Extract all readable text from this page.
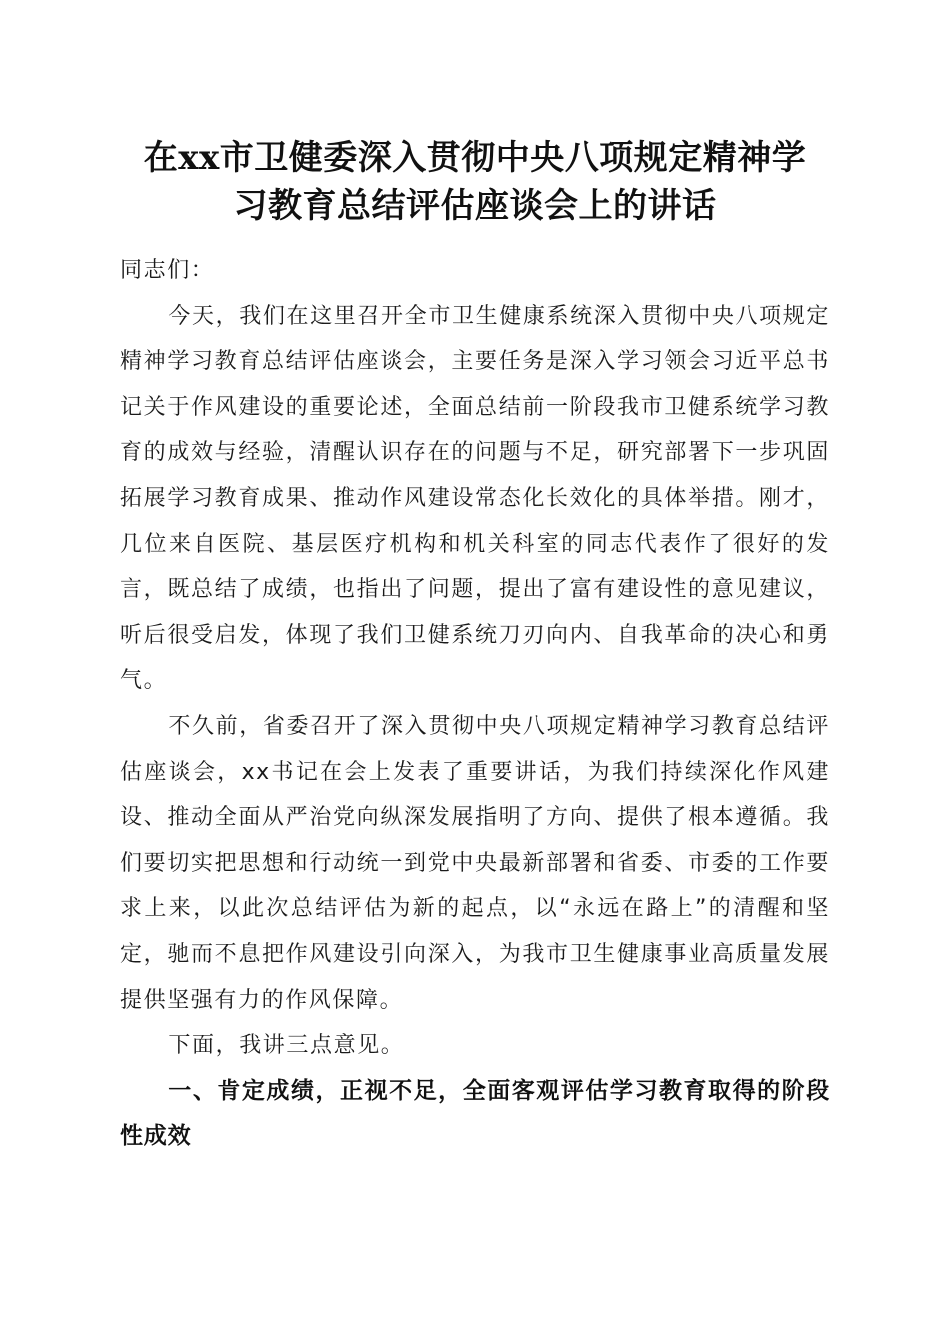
在xx市卫健委深入贯彻中央八项规定精神学
习教育总结评估座谈会上的讲话

同志们：

今天，我们在这里召开全市卫生健康系统深入贯彻中央八项规定精神学习教育总结评估座谈会，主要任务是深入学习领会习近平总书记关于作风建设的重要论述，全面总结前一阶段我市卫健系统学习教育的成效与经验，清醒认识存在的问题与不足，研究部署下一步巩固拓展学习教育成果、推动作风建设常态化长效化的具体举措。刚才，几位来自医院、基层医疗机构和机关科室的同志代表作了很好的发言，既总结了成绩，也指出了问题，提出了富有建设性的意见建议，听后很受启发，体现了我们卫健系统刀刃向内、自我革命的决心和勇气。

不久前，省委召开了深入贯彻中央八项规定精神学习教育总结评估座谈会，xx书记在会上发表了重要讲话，为我们持续深化作风建设、推动全面从严治党向纵深发展指明了方向、提供了根本遵循。我们要切实把思想和行动统一到党中央最新部署和省委、市委的工作要求上来，以此次总结评估为新的起点，以“永远在路上”的清醒和坚定，驰而不息把作风建设引向深入，为我市卫生健康事业高质量发展提供坚强有力的作风保障。

下面，我讲三点意见。

一、肯定成绩，正视不足，全面客观评估学习教育取得的阶段性成效
